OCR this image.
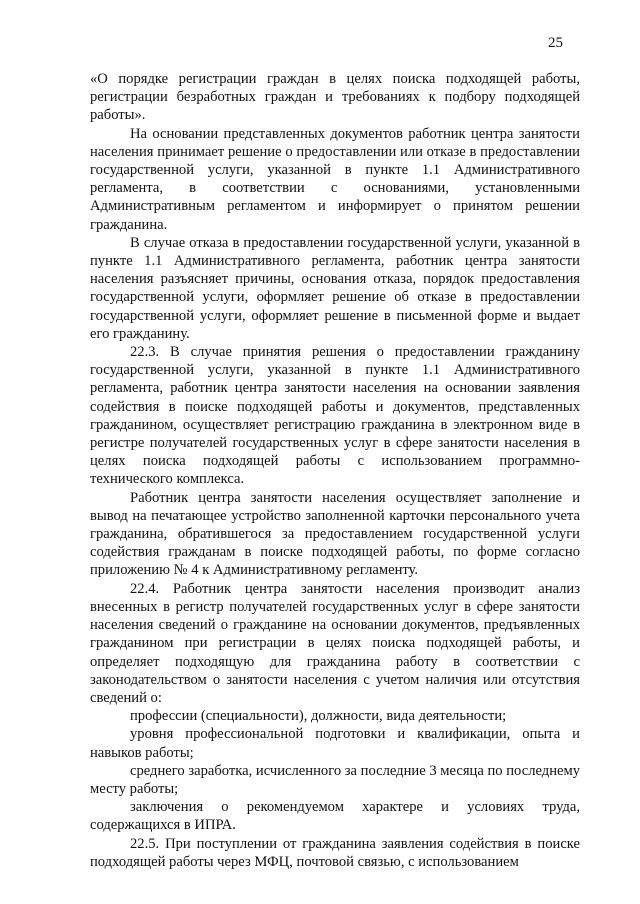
25

«О порядке регистрации граждан в целях поиска подходящей работы, регистрации безработных граждан и требованиях к подбору подходящей работы».

На основании представленных документов работник центра занятости населения принимает решение о предоставлении или отказе в предоставлении государственной услуги, указанной в пункте 1.1 Административного регламента, в соответствии с основаниями, установленными Административным регламентом и информирует о принятом решении гражданина.

В случае отказа в предоставлении государственной услуги, указанной в пункте 1.1 Административного регламента, работник центра занятости населения разъясняет причины, основания отказа, порядок предоставления государственной услуги, оформляет решение об отказе в предоставлении государственной услуги, оформляет решение в письменной форме и выдает его гражданину.

22.3. В случае принятия решения о предоставлении гражданину государственной услуги, указанной в пункте 1.1 Административного регламента, работник центра занятости населения на основании заявления содействия в поиске подходящей работы и документов, представленных гражданином, осуществляет регистрацию гражданина в электронном виде в регистре получателей государственных услуг в сфере занятости населения в целях поиска подходящей работы с использованием программно-технического комплекса.

Работник центра занятости населения осуществляет заполнение и вывод на печатающее устройство заполненной карточки персонального учета гражданина, обратившегося за предоставлением государственной услуги содействия гражданам в поиске подходящей работы, по форме согласно приложению № 4 к Административному регламенту.

22.4. Работник центра занятости населения производит анализ внесенных в регистр получателей государственных услуг в сфере занятости населения сведений о гражданине на основании документов, предъявленных гражданином при регистрации в целях поиска подходящей работы, и определяет подходящую для гражданина работу в соответствии с законодательством о занятости населения с учетом наличия или отсутствия сведений о:

профессии (специальности), должности, вида деятельности;

уровня профессиональной подготовки и квалификации, опыта и навыков работы;

среднего заработка, исчисленного за последние 3 месяца по последнему месту работы;

заключения о рекомендуемом характере и условиях труда, содержащихся в ИПРА.

22.5. При поступлении от гражданина заявления содействия в поиске подходящей работы через МФЦ, почтовой связью, с использованием
